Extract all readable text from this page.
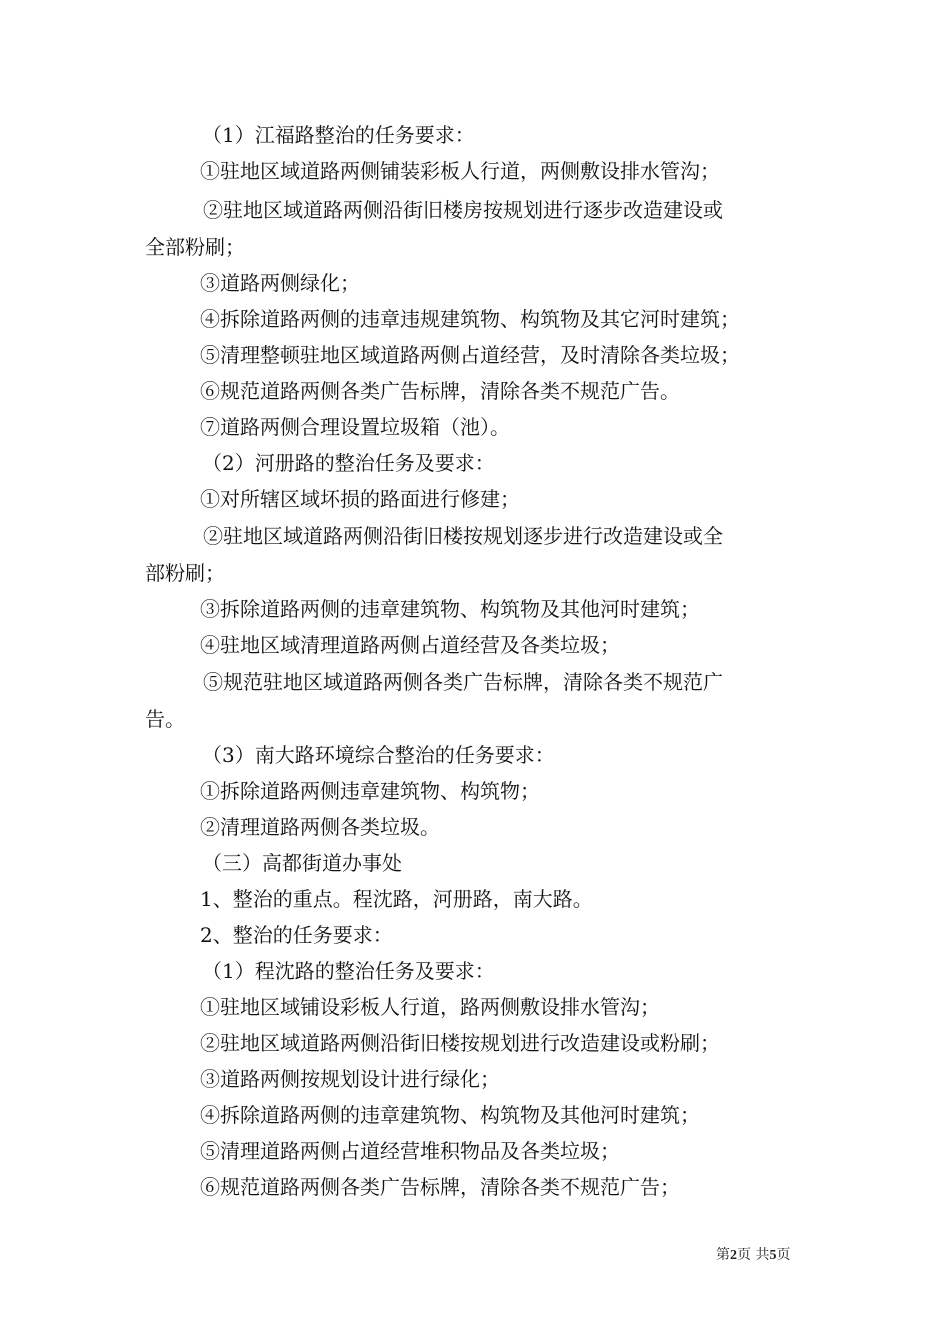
（1）江福路整治的任务要求：
①驻地区域道路两侧铺装彩板人行道，两侧敷设排水管沟；
②驻地区域道路两侧沿街旧楼房按规划进行逐步改造建设或
全部粉刷；
③道路两侧绿化；
④拆除道路两侧的违章违规建筑物、构筑物及其它河时建筑；
⑤清理整顿驻地区域道路两侧占道经营，及时清除各类垃圾；
⑥规范道路两侧各类广告标牌，清除各类不规范广告。
⑦道路两侧合理设置垃圾箱（池）。
（2）河册路的整治任务及要求：
①对所辖区域坏损的路面进行修建；
②驻地区域道路两侧沿街旧楼按规划逐步进行改造建设或全
部粉刷；
③拆除道路两侧的违章建筑物、构筑物及其他河时建筑；
④驻地区域清理道路两侧占道经营及各类垃圾；
⑤规范驻地区域道路两侧各类广告标牌，清除各类不规范广
告。
（3）南大路环境综合整治的任务要求：
①拆除道路两侧违章建筑物、构筑物；
②清理道路两侧各类垃圾。
（三）高都街道办事处
1、整治的重点。程沈路，河册路，南大路。
2、整治的任务要求：
（1）程沈路的整治任务及要求：
①驻地区域铺设彩板人行道，路两侧敷设排水管沟；
②驻地区域道路两侧沿街旧楼按规划进行改造建设或粉刷；
③道路两侧按规划设计进行绿化；
④拆除道路两侧的违章建筑物、构筑物及其他河时建筑；
⑤清理道路两侧占道经营堆积物品及各类垃圾；
⑥规范道路两侧各类广告标牌，清除各类不规范广告；
第2页 共5页
